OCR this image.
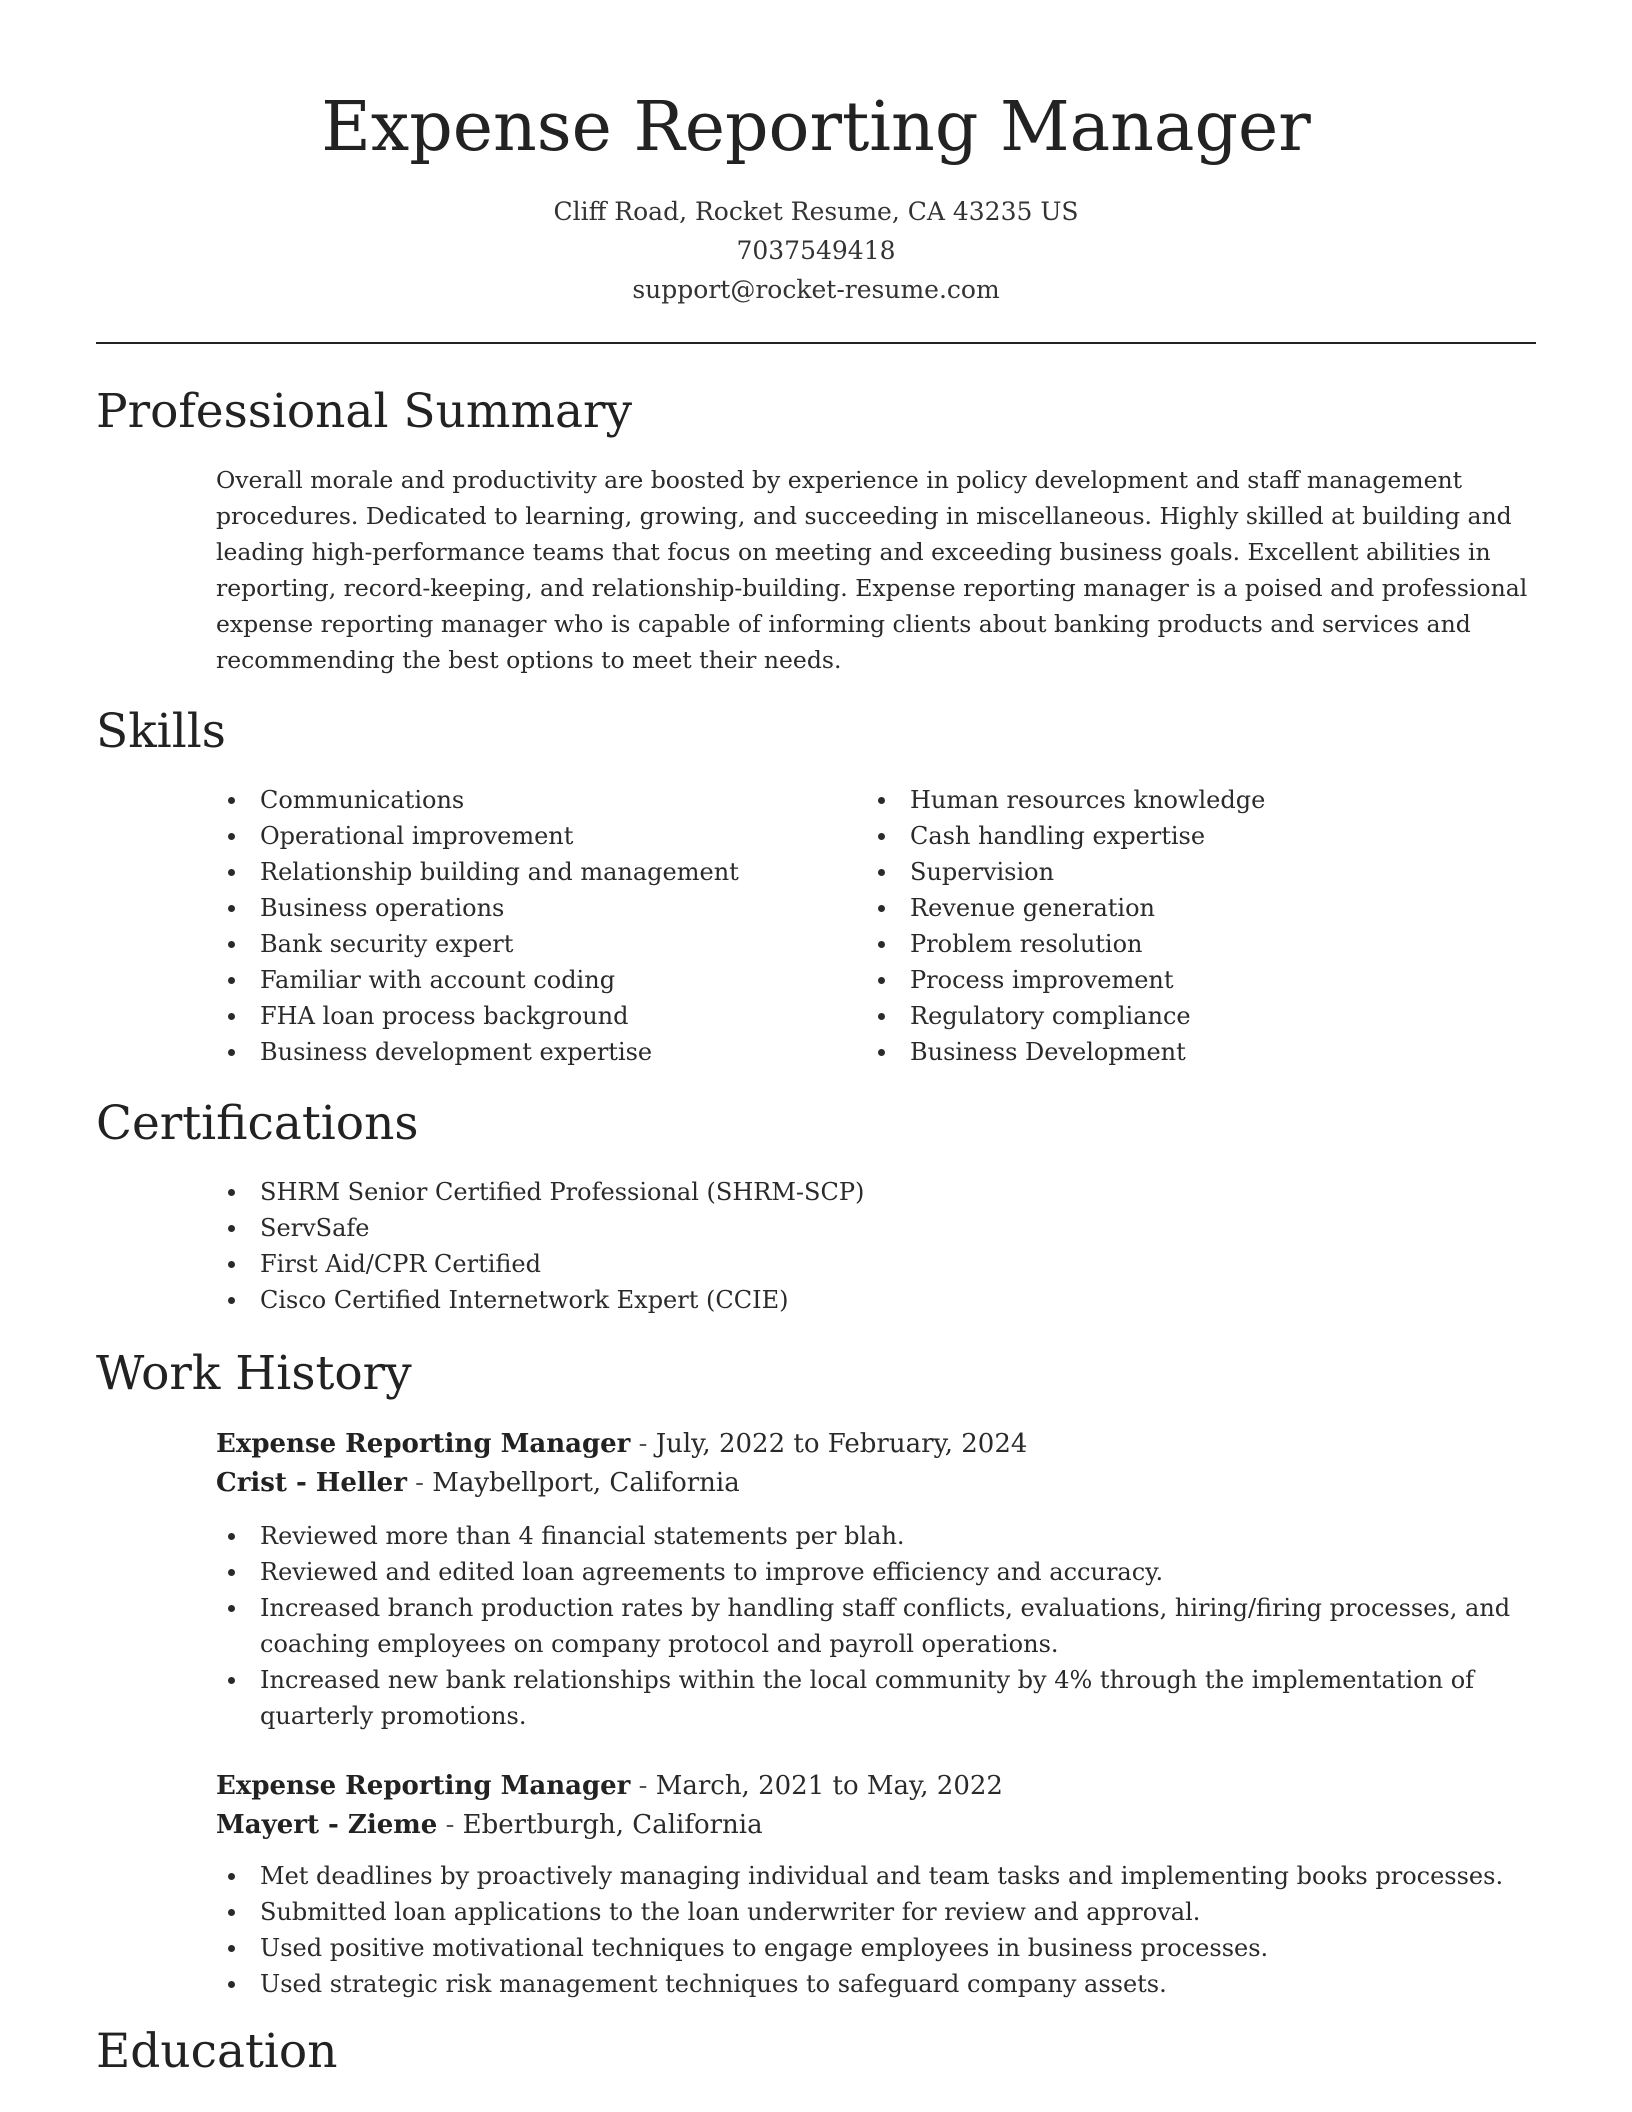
Expense Reporting Manager
Cliff Road, Rocket Resume, CA 43235 US
7037549418
support@rocket-resume.com
Professional Summary

Overall morale and productivity are boosted by experience in policy development and staff management procedures. Dedicated to learning, growing, and succeeding in miscellaneous. Highly skilled at building and leading high-performance teams that focus on meeting and exceeding business goals. Excellent abilities in reporting, record-keeping, and relationship-building. Expense reporting manager is a poised and professional expense reporting manager who is capable of informing clients about banking products and services and recommending the best options to meet their needs.

Skills
Communications
Operational improvement
Relationship building and management
Business operations
Bank security expert
Familiar with account coding
FHA loan process background
Business development expertise
Human resources knowledge
Cash handling expertise
Supervision
Revenue generation
Problem resolution
Process improvement
Regulatory compliance
Business Development
Certifications
SHRM Senior Certified Professional (SHRM-SCP)
ServSafe
First Aid/CPR Certified
Cisco Certified Internetwork Expert (CCIE)
Work History
Expense Reporting Manager - July, 2022 to February, 2024
Crist - Heller - Maybellport, California
Reviewed more than 4 financial statements per blah.
Reviewed and edited loan agreements to improve efficiency and accuracy.
Increased branch production rates by handling staff conflicts, evaluations, hiring/firing processes, and coaching employees on company protocol and payroll operations.
Increased new bank relationships within the local community by 4% through the implementation of quarterly promotions.
Expense Reporting Manager - March, 2021 to May, 2022
Mayert - Zieme - Ebertburgh, California
Met deadlines by proactively managing individual and team tasks and implementing books processes.
Submitted loan applications to the loan underwriter for review and approval.
Used positive motivational techniques to engage employees in business processes.
Used strategic risk management techniques to safeguard company assets.
Education
